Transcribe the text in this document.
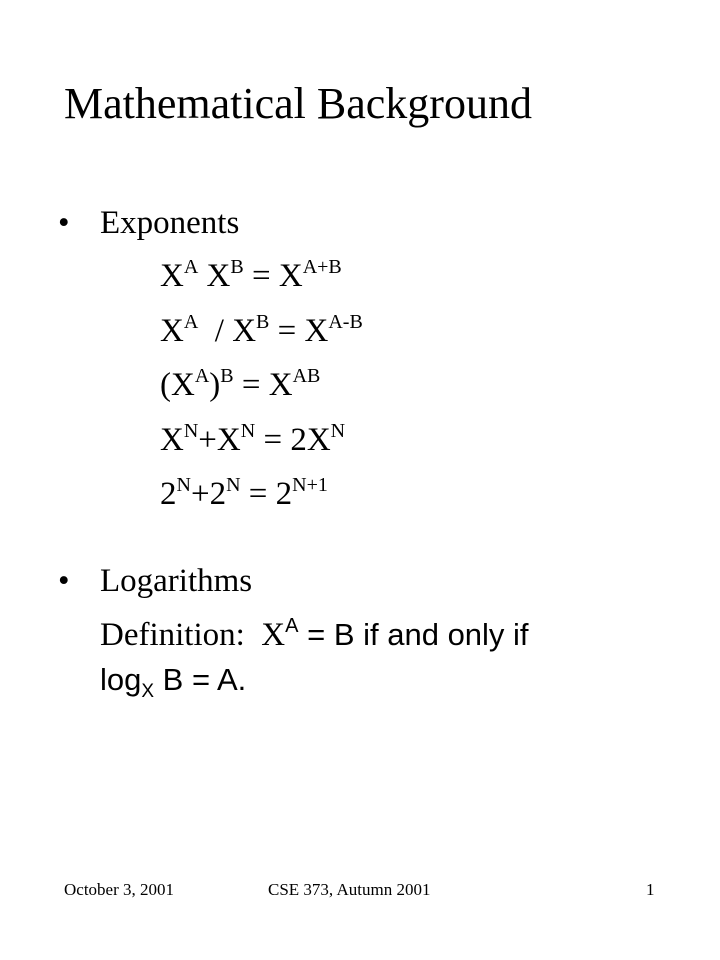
Mathematical Background
• Exponents
$X^A$ $X^B = X^{A+B}$
$X^A / X^B = X^{A-B}$
$(X^A)^B = X^{AB}$
$X^N+X^N = 2X^N$
$2^N+2^N = 2^{N+1}$
• Logarithms
Definition:  $X^A = B$ if and only if
$\log_X B = A$.
October 3, 2001	CSE 373, Autumn 2001	1
